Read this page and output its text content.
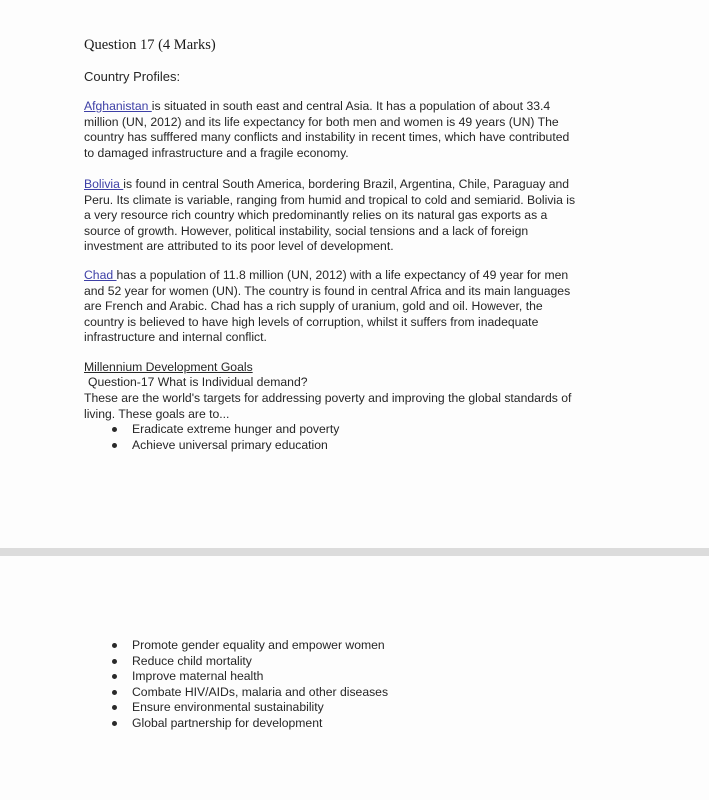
Question 17 (4 Marks)
Country Profiles:

Afghanistan is situated in south east and central Asia. It has a population of about 33.4
million (UN, 2012) and its life expectancy for both men and women is 49 years (UN) The
country has sufffered many conflicts and instability in recent times, which have contributed
to damaged infrastructure and a fragile economy.

Bolivia is found in central South America, bordering Brazil, Argentina, Chile, Paraguay and
Peru. Its climate is variable, ranging from humid and tropical to cold and semiarid. Bolivia is
a very resource rich country which predominantly relies on its natural gas exports as a
source of growth. However, political instability, social tensions and a lack of foreign
investment are attributed to its poor level of development.

Chad has a population of 11.8 million (UN, 2012) with a life expectancy of 49 year for men
and 52 year for women (UN). The country is found in central Africa and its main languages
are French and Arabic. Chad has a rich supply of uranium, gold and oil. However, the
country is believed to have high levels of corruption, whilst it suffers from inadequate
infrastructure and internal conflict.

Millennium Development Goals
Question-17 What is Individual demand?

These are the world's targets for addressing poverty and improving the global standards of
living. These goals are to...

Eradicate extreme hunger and poverty
Achieve universal primary education
Promote gender equality and empower women
Reduce child mortality
Improve maternal health
Combate HIV/AIDs, malaria and other diseases
Ensure environmental sustainability
Global partnership for development
